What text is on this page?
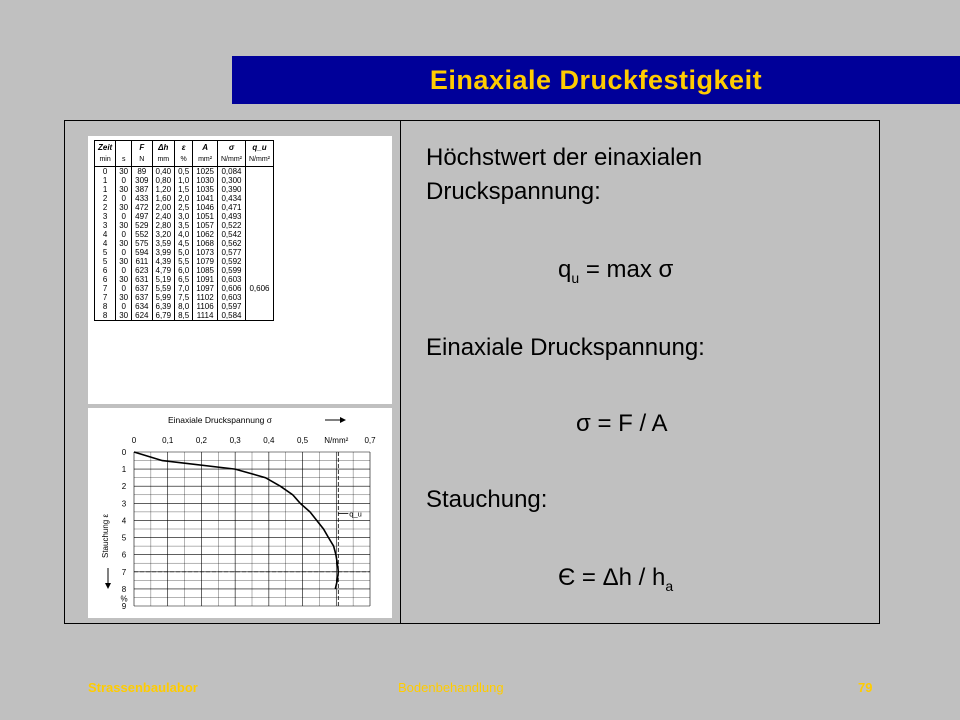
Einaxiale Druckfestigkeit
Zeit		F	Δh	ε	A	σ	q_u
min	s	N	mm	%	mm²	N/mm²	N/mm²
0	30	89	0,40	0,5	1025	0,084	
1	0	309	0,80	1,0	1030	0,300	
1	30	387	1,20	1,5	1035	0,390	
2	0	433	1,60	2,0	1041	0,434	
2	30	472	2,00	2,5	1046	0,471	
3	0	497	2,40	3,0	1051	0,493	
3	30	529	2,80	3,5	1057	0,522	
4	0	552	3,20	4,0	1062	0,542	
4	30	575	3,59	4,5	1068	0,562	
5	0	594	3,99	5,0	1073	0,577	
5	30	611	4,39	5,5	1079	0,592	
6	0	623	4,79	6,0	1085	0,599	
6	30	631	5,19	6,5	1091	0,603	
7	0	637	5,59	7,0	1097	0,606	0,606
7	30	637	5,99	7,5	1102	0,603	
8	0	634	6,39	8,0	1106	0,597	
8	30	624	6,79	8,5	1114	0,584	
Einaxiale Druckspannung σ
0	0,1	0,2	0,3	0,4	0,5 N/mm² 0,7
0
1
2
3
4
5
6
7
8
9
%
Stauchung ε	q_u
Höchstwert der einaxialen
Druckspannung:
$q_u = \max \sigma$
Einaxiale Druckspannung:
σ = F / A
Stauchung:
$Є = \Delta h / h_a$
Strassenbaulabor	Bodenbehandlung	79
